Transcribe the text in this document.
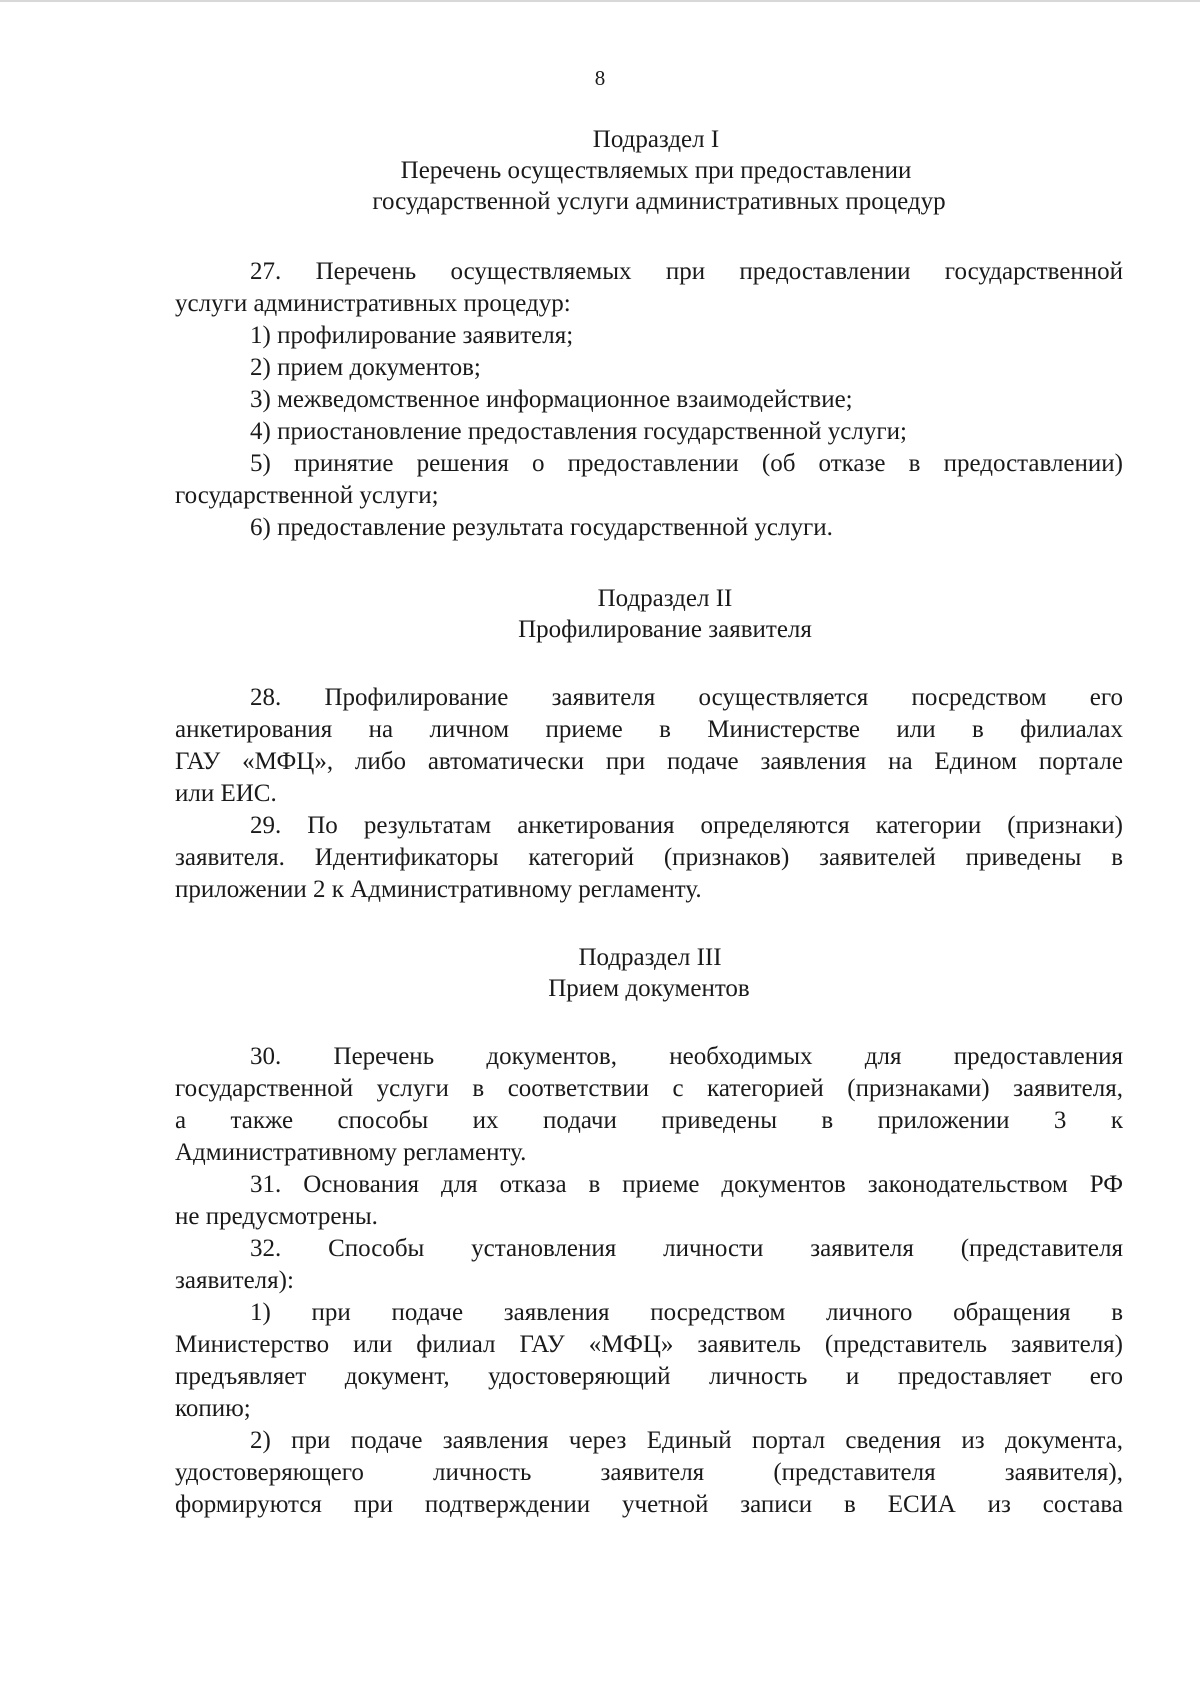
8
Подраздел I
Перечень осуществляемых при предоставлении
государственной услуги административных процедур

27. Перечень осуществляемых при предоставлении государственной

услуги административных процедур:

1) профилирование заявителя;

2) прием документов;

3) межведомственное информационное взаимодействие;

4) приостановление предоставления государственной услуги;

5) принятие решения о предоставлении (об отказе в предоставлении)

государственной услуги;

6) предоставление результата государственной услуги.

Подраздел II
Профилирование заявителя

28. Профилирование заявителя осуществляется посредством его

анкетирования на личном приеме в Министерстве или в филиалах

ГАУ «МФЦ», либо автоматически при подаче заявления на Едином портале

или ЕИС.

29. По результатам анкетирования определяются категории (признаки)

заявителя. Идентификаторы категорий (признаков) заявителей приведены в

приложении 2 к Административному регламенту.

Подраздел III
Прием документов

30. Перечень документов, необходимых для предоставления

государственной услуги в соответствии с категорией (признаками) заявителя,

а также способы их подачи приведены в приложении 3 к

Административному регламенту.

31. Основания для отказа в приеме документов законодательством РФ

не предусмотрены.

32. Способы установления личности заявителя (представителя

заявителя):

1) при подаче заявления посредством личного обращения в

Министерство или филиал ГАУ «МФЦ» заявитель (представитель заявителя)

предъявляет документ, удостоверяющий личность и предоставляет его

копию;

2) при подаче заявления через Единый портал сведения из документа,

удостоверяющего личность заявителя (представителя заявителя),

формируются при подтверждении учетной записи в ЕСИА из состава
